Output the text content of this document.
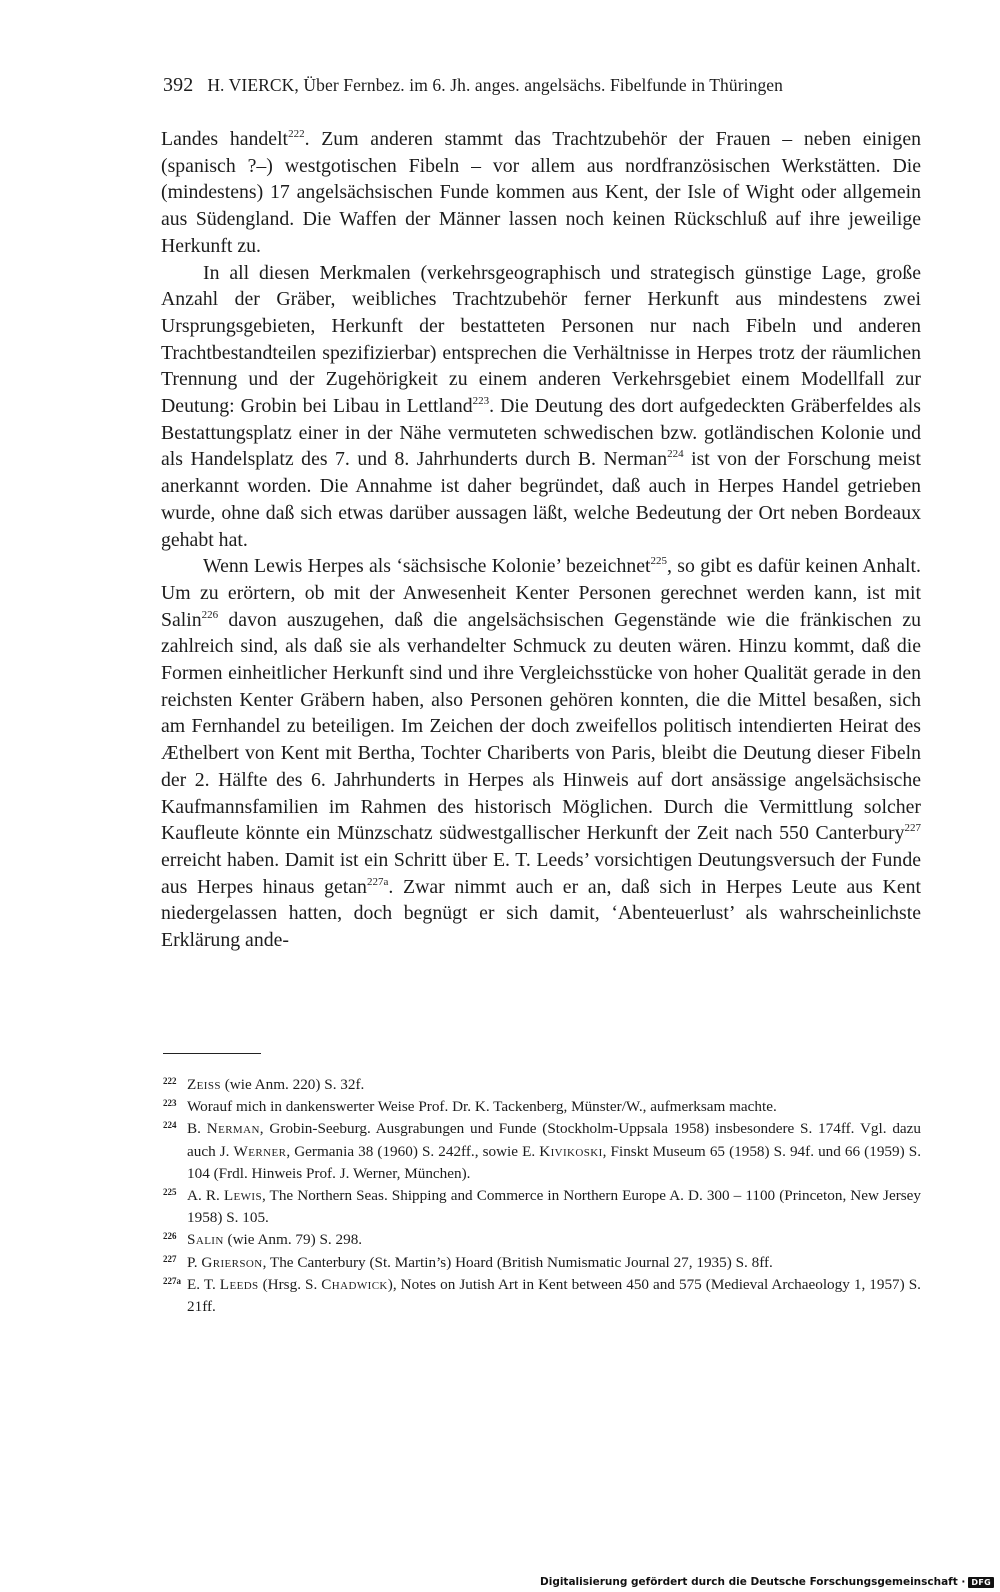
392 H. VIERCK, Über Fernbez. im 6. Jh. anges. angelsächs. Fibelfunde in Thüringen

Landes handelt$^{222}$. Zum anderen stammt das Trachtzubehör der Frauen – neben einigen (spanisch ?–) westgotischen Fibeln – vor allem aus nordfranzösischen Werkstätten. Die (mindestens) 17 angelsächsischen Funde kommen aus Kent, der Isle of Wight oder allgemein aus Südengland. Die Waffen der Männer lassen noch keinen Rückschluß auf ihre jeweilige Herkunft zu.

In all diesen Merkmalen (verkehrsgeographisch und strategisch günstige Lage, große Anzahl der Gräber, weibliches Trachtzubehör ferner Herkunft aus mindestens zwei Ursprungsgebieten, Herkunft der bestatteten Personen nur nach Fibeln und anderen Trachtbestandteilen spezifizierbar) entsprechen die Verhältnisse in Herpes trotz der räumlichen Trennung und der Zugehörigkeit zu einem anderen Verkehrsgebiet einem Modellfall zur Deutung: Grobin bei Libau in Lettland$^{223}$. Die Deutung des dort aufgedeckten Gräberfeldes als Bestattungsplatz einer in der Nähe vermuteten schwedischen bzw. gotländischen Kolonie und als Handelsplatz des 7. und 8. Jahrhunderts durch B. Nerman$^{224}$ ist von der Forschung meist anerkannt worden. Die Annahme ist daher begründet, daß auch in Herpes Handel getrieben wurde, ohne daß sich etwas darüber aussagen läßt, welche Bedeutung der Ort neben Bordeaux gehabt hat.

Wenn Lewis Herpes als ‘sächsische Kolonie’ bezeichnet$^{225}$, so gibt es dafür keinen Anhalt. Um zu erörtern, ob mit der Anwesenheit Kenter Personen gerechnet werden kann, ist mit Salin$^{226}$ davon auszugehen, daß die angelsächsischen Gegenstände wie die fränkischen zu zahlreich sind, als daß sie als verhandelter Schmuck zu deuten wären. Hinzu kommt, daß die Formen einheitlicher Herkunft sind und ihre Vergleichsstücke von hoher Qualität gerade in den reichsten Kenter Gräbern haben, also Personen gehören konnten, die die Mittel besaßen, sich am Fernhandel zu beteiligen. Im Zeichen der doch zweifellos politisch intendierten Heirat des Æthelbert von Kent mit Bertha, Tochter Chariberts von Paris, bleibt die Deutung dieser Fibeln der 2. Hälfte des 6. Jahrhunderts in Herpes als Hinweis auf dort ansässige angelsächsische Kaufmannsfamilien im Rahmen des historisch Möglichen. Durch die Vermittlung solcher Kaufleute könnte ein Münzschatz südwestgallischer Herkunft der Zeit nach 550 Canterbury$^{227}$ erreicht haben. Damit ist ein Schritt über E. T. Leeds’ vorsichtigen Deutungsversuch der Funde aus Herpes hinaus getan$^{227a}$. Zwar nimmt auch er an, daß sich in Herpes Leute aus Kent niedergelassen hatten, doch begnügt er sich damit, ‘Abenteuerlust’ als wahrscheinlichste Erklärung ande-

222 Zeiss (wie Anm. 220) S. 32f.
223 Worauf mich in dankenswerter Weise Prof. Dr. K. Tackenberg, Münster/W., aufmerksam machte.
224 B. Nerman, Grobin-Seeburg. Ausgrabungen und Funde (Stockholm-Uppsala 1958) insbesondere S. 174ff. Vgl. dazu auch J. Werner, Germania 38 (1960) S. 242ff., sowie E. Kivikoski, Finskt Museum 65 (1958) S. 94f. und 66 (1959) S. 104 (Frdl. Hinweis Prof. J. Werner, München).
225 A. R. Lewis, The Northern Seas. Shipping and Commerce in Northern Europe A. D. 300 – 1100 (Princeton, New Jersey 1958) S. 105.
226 Salin (wie Anm. 79) S. 298.
227 P. Grierson, The Canterbury (St. Martin’s) Hoard (British Numismatic Journal 27, 1935) S. 8ff.
227a E. T. Leeds (Hrsg. S. Chadwick), Notes on Jutish Art in Kent between 450 and 575 (Medieval Archaeology 1, 1957) S. 21ff.
Digitalisierung gefördert durch die Deutsche Forschungsgemeinschaft · DFG
